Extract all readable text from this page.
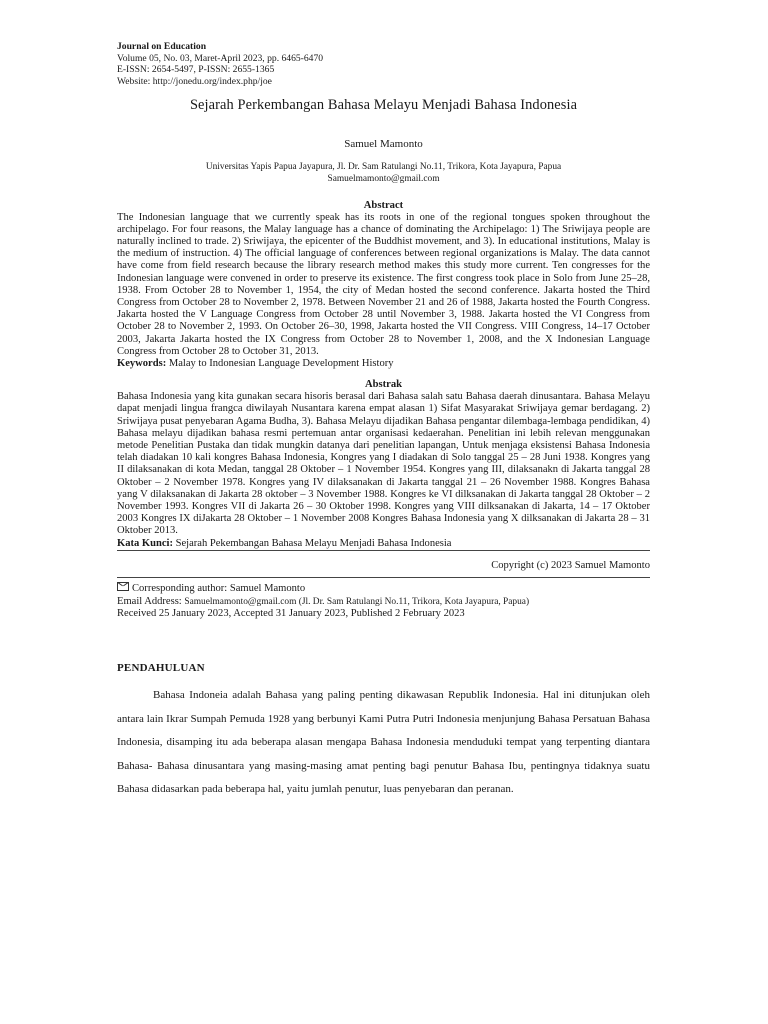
Journal on Education
Volume 05, No. 03, Maret-April 2023, pp. 6465-6470
E-ISSN: 2654-5497, P-ISSN: 2655-1365
Website: http://jonedu.org/index.php/joe
Sejarah Perkembangan Bahasa Melayu Menjadi Bahasa Indonesia
Samuel Mamonto
Universitas Yapis Papua Jayapura, Jl. Dr. Sam Ratulangi No.11, Trikora, Kota Jayapura, Papua
Samuelmamonto@gmail.com
Abstract

The Indonesian language that we currently speak has its roots in one of the regional tongues spoken throughout the archipelago. For four reasons, the Malay language has a chance of dominating the Archipelago: 1) The Sriwijaya people are naturally inclined to trade. 2) Sriwijaya, the epicenter of the Buddhist movement, and 3). In educational institutions, Malay is the medium of instruction. 4) The official language of conferences between regional organizations is Malay. The data cannot have come from field research because the library research method makes this study more current. Ten congresses for the Indonesian language were convened in order to preserve its existence. The first congress took place in Solo from June 25–28, 1938. From October 28 to November 1, 1954, the city of Medan hosted the second conference. Jakarta hosted the Third Congress from October 28 to November 2, 1978. Between November 21 and 26 of 1988, Jakarta hosted the Fourth Congress. Jakarta hosted the V Language Congress from October 28 until November 3, 1988. Jakarta hosted the VI Congress from October 28 to November 2, 1993. On October 26–30, 1998, Jakarta hosted the VII Congress. VIII Congress, 14–17 October 2003, Jakarta Jakarta hosted the IX Congress from October 28 to November 1, 2008, and the X Indonesian Language Congress from October 28 to October 31, 2013.

Keywords: Malay to Indonesian Language Development History

Abstrak

Bahasa Indonesia yang kita gunakan secara hisoris berasal dari Bahasa salah satu Bahasa daerah dinusantara. Bahasa Melayu dapat menjadi lingua frangca diwilayah Nusantara karena empat alasan 1) Sifat Masyarakat Sriwijaya gemar berdagang. 2) Sriwijaya pusat penyebaran Agama Budha, 3). Bahasa Melayu dijadikan Bahasa pengantar dilembaga-lembaga pendidikan, 4) Bahasa melayu dijadikan bahasa resmi pertemuan antar organisasi kedaerahan. Penelitian ini lebih relevan menggunakan metode Penelitian Pustaka dan tidak mungkin datanya dari penelitian lapangan, Untuk menjaga eksistensi Bahasa Indonesia telah diadakan 10 kali kongres Bahasa Indonesia, Kongres yang I diadakan di Solo tanggal 25 – 28 Juni 1938. Kongres yang II dilaksanakan di kota Medan, tanggal 28 Oktober – 1 November 1954. Kongres yang III, dilaksanakn di Jakarta tanggal 28 Oktober – 2 November 1978. Kongres yang IV dilaksanakan di Jakarta tanggal 21 – 26 November 1988. Kongres Bahasa yang V dilaksanakan di Jakarta 28 oktober – 3 November 1988. Kongres ke VI dilksanakan di Jakarta tanggal 28 Oktober – 2 November 1993. Kongres VII di Jakarta 26 – 30 Oktober 1998. Kongres yang VIII dilksanakan di Jakarta, 14 – 17 Oktober 2003 Kongres IX diJakarta 28 Oktober – 1 November 2008 Kongres Bahasa Indonesia yang X dilksanakan di Jakarta 28 – 31 Oktober 2013.

Kata Kunci: Sejarah Pekembangan Bahasa Melayu Menjadi Bahasa Indonesia

Copyright (c) 2023 Samuel Mamonto
Corresponding author: Samuel Mamonto
Email Address: Samuelmamonto@gmail.com (Jl. Dr. Sam Ratulangi No.11, Trikora, Kota Jayapura, Papua)
Received 25 January 2023, Accepted 31 January 2023, Published 2 February 2023
PENDAHULUAN
Bahasa Indoneia adalah Bahasa yang paling penting dikawasan Republik Indonesia. Hal ini ditunjukan oleh antara lain Ikrar Sumpah Pemuda 1928 yang berbunyi Kami Putra Putri Indonesia menjunjung Bahasa Persatuan Bahasa Indonesia, disamping itu ada beberapa alasan mengapa Bahasa Indonesia menduduki tempat yang terpenting diantara Bahasa- Bahasa dinusantara yang masing-masing amat penting bagi penutur Bahasa Ibu, pentingnya tidaknya suatu Bahasa didasarkan pada beberapa hal, yaitu jumlah penutur, luas penyebaran dan peranan.
